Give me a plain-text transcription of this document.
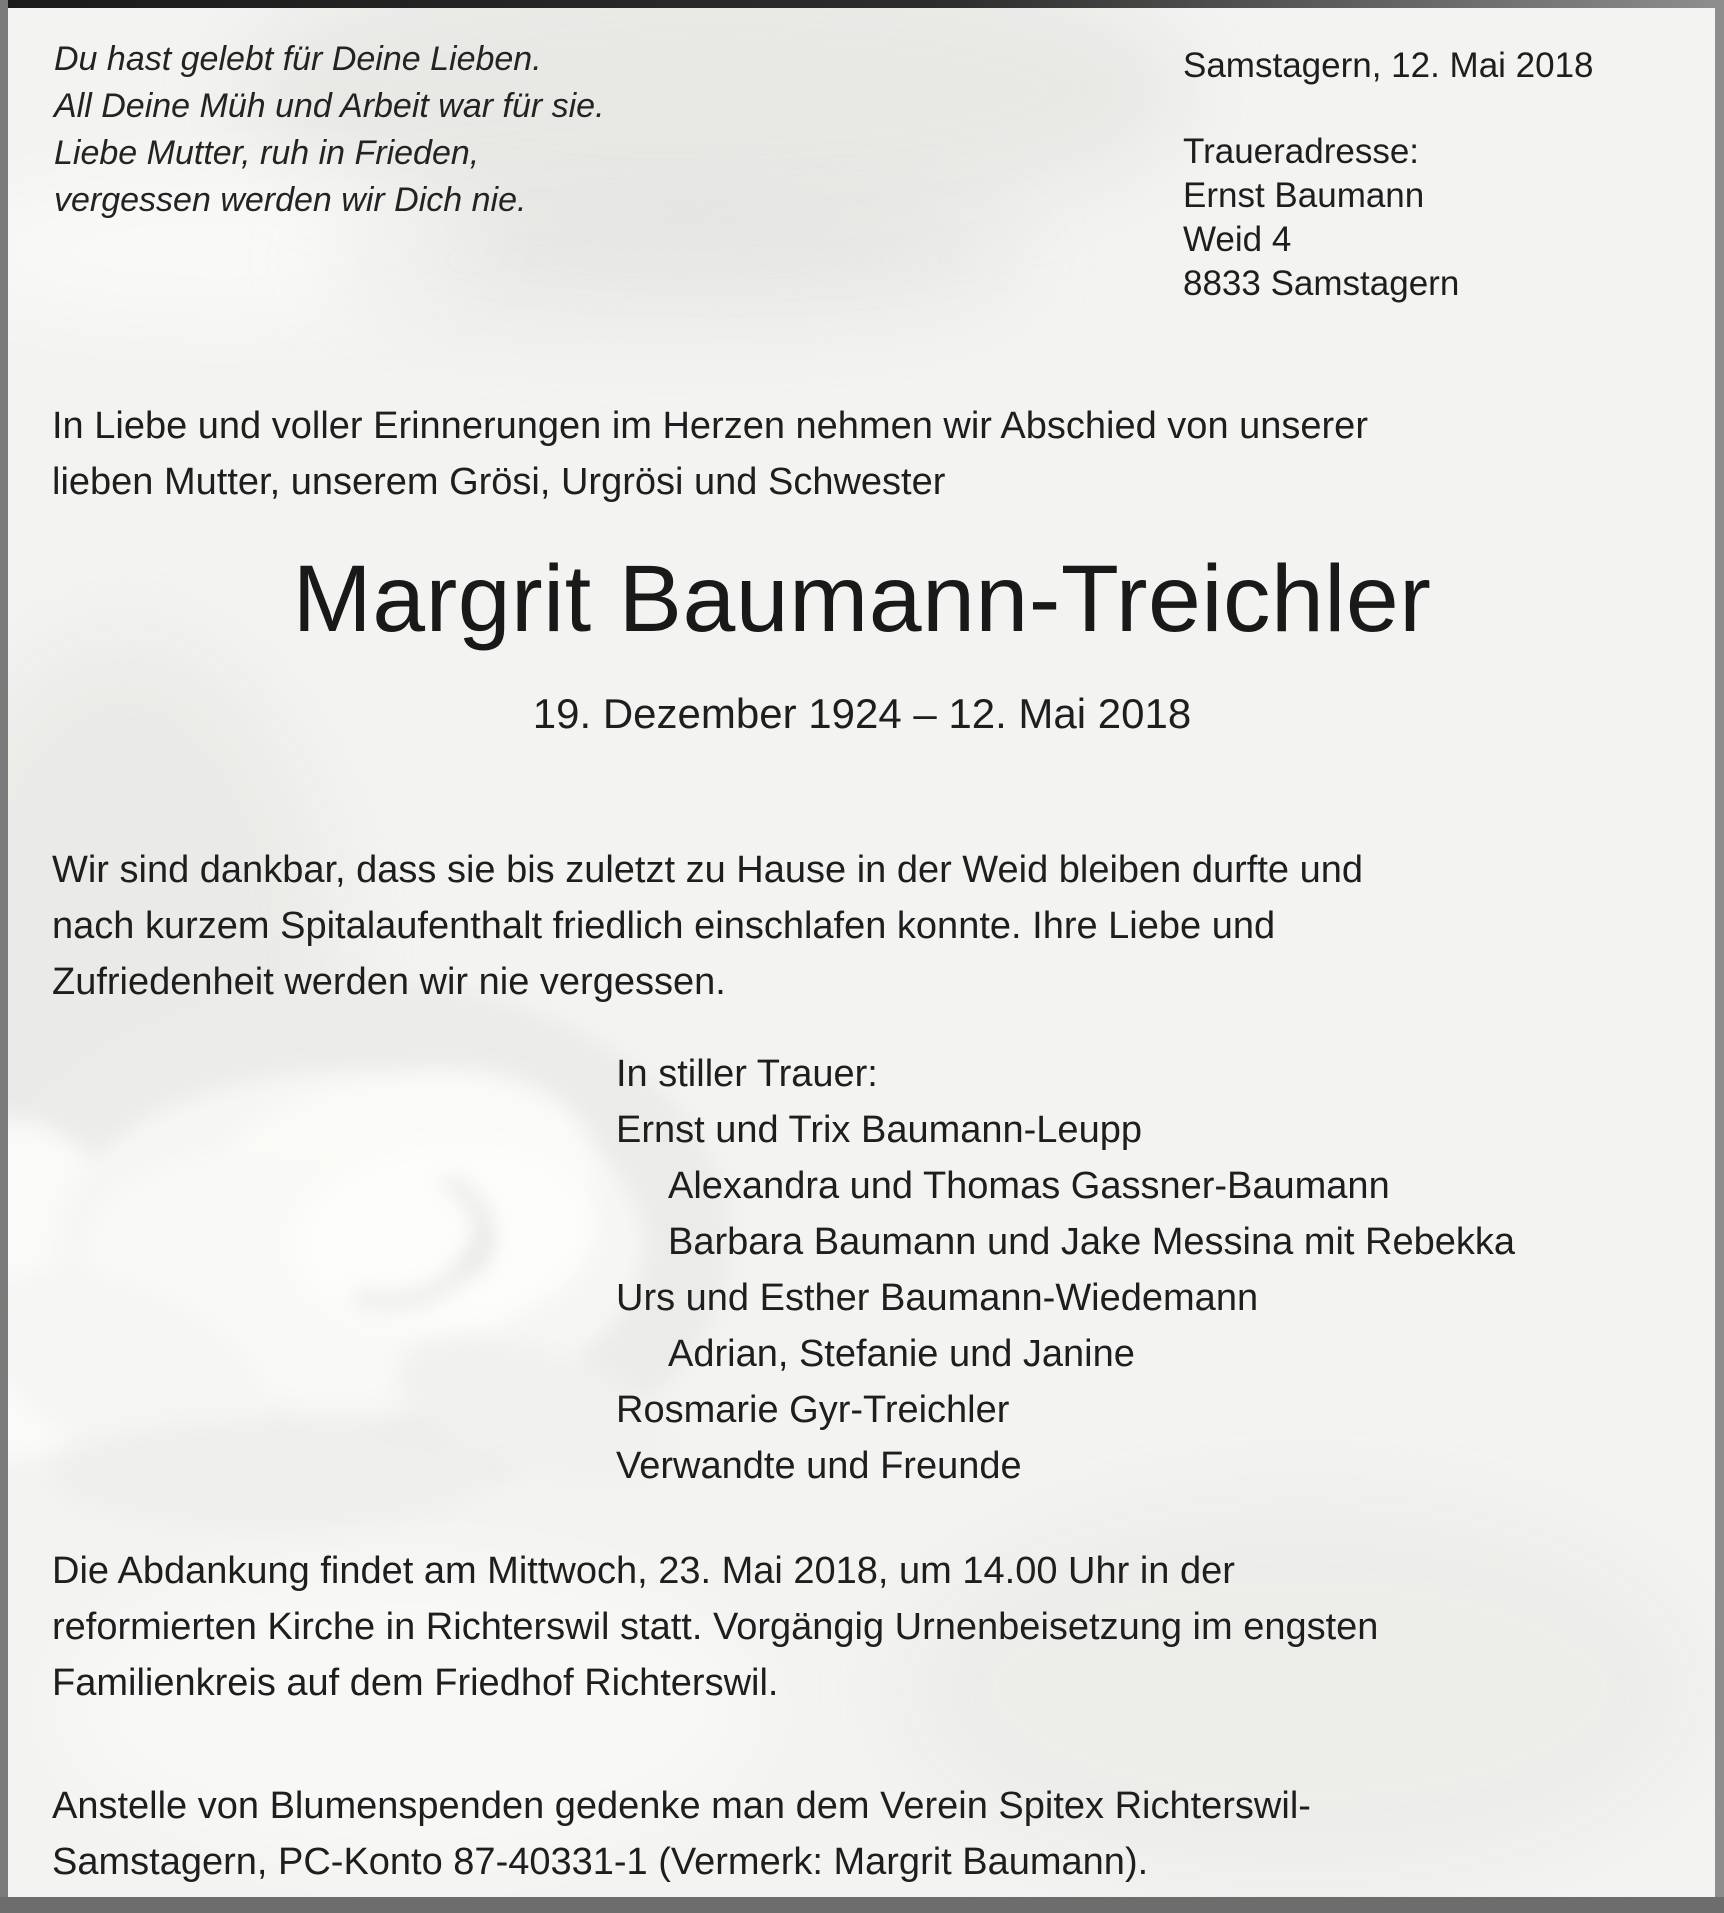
Du hast gelebt für Deine Lieben.
All Deine Müh und Arbeit war für sie.
Liebe Mutter, ruh in Frieden,
vergessen werden wir Dich nie.
Samstagern, 12. Mai 2018
Traueradresse:
Ernst Baumann
Weid 4
8833 Samstagern
In Liebe und voller Erinnerungen im Herzen nehmen wir Abschied von unserer
lieben Mutter, unserem Grösi, Urgrösi und Schwester
Margrit Baumann-Treichler
19. Dezember 1924 – 12. Mai 2018
Wir sind dankbar, dass sie bis zuletzt zu Hause in der Weid bleiben durfte und
nach kurzem Spitalaufenthalt friedlich einschlafen konnte. Ihre Liebe und
Zufriedenheit werden wir nie vergessen.
In stiller Trauer:
Ernst und Trix Baumann-Leupp
Alexandra und Thomas Gassner-Baumann
Barbara Baumann und Jake Messina mit Rebekka
Urs und Esther Baumann-Wiedemann
Adrian, Stefanie und Janine
Rosmarie Gyr-Treichler
Verwandte und Freunde
Die Abdankung findet am Mittwoch, 23. Mai 2018, um 14.00 Uhr in der
reformierten Kirche in Richterswil statt. Vorgängig Urnenbeisetzung im engsten
Familienkreis auf dem Friedhof Richterswil.
Anstelle von Blumenspenden gedenke man dem Verein Spitex Richterswil-
Samstagern, PC-Konto 87-40331-1 (Vermerk: Margrit Baumann).
